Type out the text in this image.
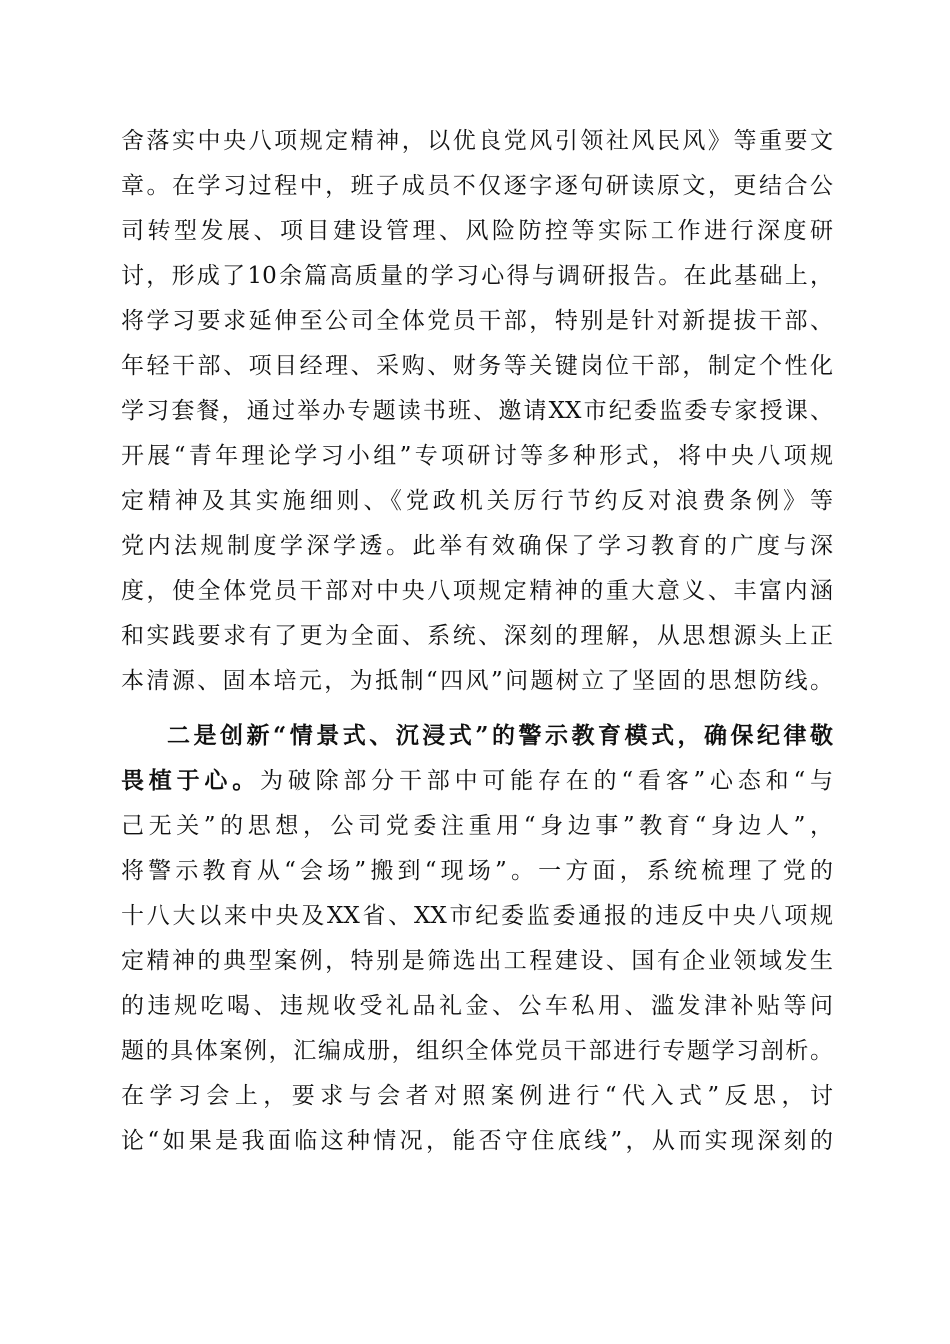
舍落实中央八项规定精神，以优良党风引领社风民风》等重要文
章。在学习过程中，班子成员不仅逐字逐句研读原文，更结合公
司转型发展、项目建设管理、风险防控等实际工作进行深度研
讨，形成了10余篇高质量的学习心得与调研报告。在此基础上，
将学习要求延伸至公司全体党员干部，特别是针对新提拔干部、
年轻干部、项目经理、采购、财务等关键岗位干部，制定个性化
学习套餐，通过举办专题读书班、邀请XX市纪委监委专家授课、
开展“青年理论学习小组”专项研讨等多种形式，将中央八项规
定精神及其实施细则、《党政机关厉行节约反对浪费条例》等
党内法规制度学深学透。此举有效确保了学习教育的广度与深
度，使全体党员干部对中央八项规定精神的重大意义、丰富内涵
和实践要求有了更为全面、系统、深刻的理解，从思想源头上正
本清源、固本培元，为抵制“四风”问题树立了坚固的思想防线。
二是创新“情景式、沉浸式”的警示教育模式，确保纪律敬
畏植于心。为破除部分干部中可能存在的“看客”心态和“与
己无关”的思想，公司党委注重用“身边事”教育“身边人”，
将警示教育从“会场”搬到“现场”。一方面，系统梳理了党的
十八大以来中央及XX省、XX市纪委监委通报的违反中央八项规
定精神的典型案例，特别是筛选出工程建设、国有企业领域发生
的违规吃喝、违规收受礼品礼金、公车私用、滥发津补贴等问
题的具体案例，汇编成册，组织全体党员干部进行专题学习剖析。
在学习会上，要求与会者对照案例进行“代入式”反思，讨
论“如果是我面临这种情况，能否守住底线”，从而实现深刻的
